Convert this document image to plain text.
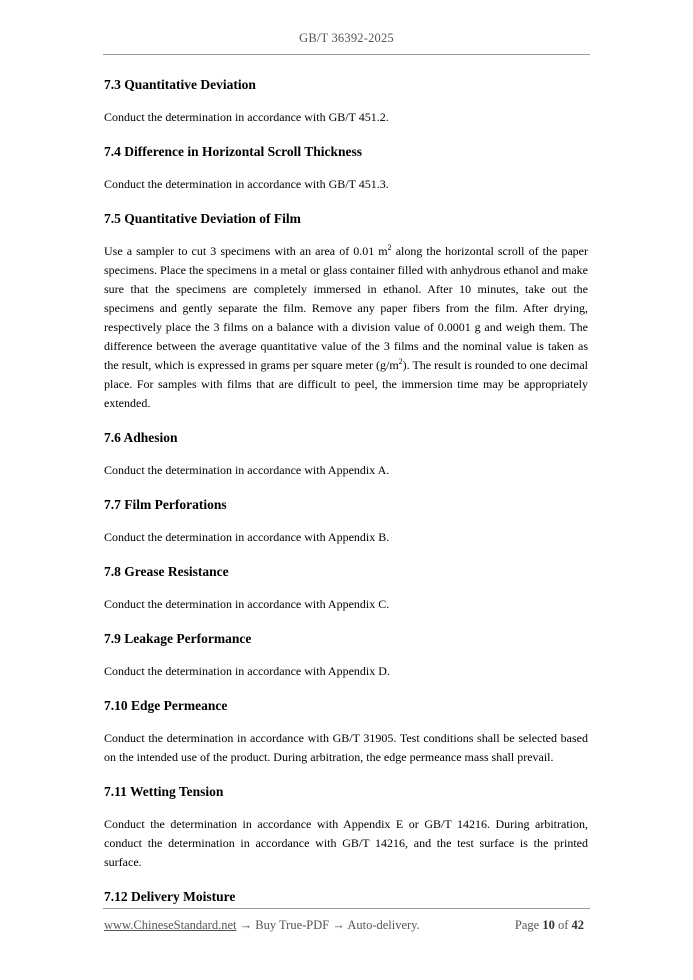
GB/T 36392-2025
7.3 Quantitative Deviation
Conduct the determination in accordance with GB/T 451.2.
7.4 Difference in Horizontal Scroll Thickness
Conduct the determination in accordance with GB/T 451.3.
7.5 Quantitative Deviation of Film
Use a sampler to cut 3 specimens with an area of 0.01 $m^2$ along the horizontal scroll of the paper specimens. Place the specimens in a metal or glass container filled with anhydrous ethanol and make sure that the specimens are completely immersed in ethanol. After 10 minutes, take out the specimens and gently separate the film. Remove any paper fibers from the film. After drying, respectively place the 3 films on a balance with a division value of 0.0001 g and weigh them. The difference between the average quantitative value of the 3 films and the nominal value is taken as the result, which is expressed in grams per square meter $(g/m^2)$. The result is rounded to one decimal place. For samples with films that are difficult to peel, the immersion time may be appropriately extended.
7.6 Adhesion
Conduct the determination in accordance with Appendix A.
7.7 Film Perforations
Conduct the determination in accordance with Appendix B.
7.8 Grease Resistance
Conduct the determination in accordance with Appendix C.
7.9 Leakage Performance
Conduct the determination in accordance with Appendix D.
7.10 Edge Permeance
Conduct the determination in accordance with GB/T 31905. Test conditions shall be selected based on the intended use of the product. During arbitration, the edge permeance mass shall prevail.
7.11 Wetting Tension
Conduct the determination in accordance with Appendix E or GB/T 14216. During arbitration, conduct the determination in accordance with GB/T 14216, and the test surface is the printed surface.
7.12 Delivery Moisture
www.ChineseStandard.net → Buy True-PDF → Auto-delivery.	Page 10 of 42
